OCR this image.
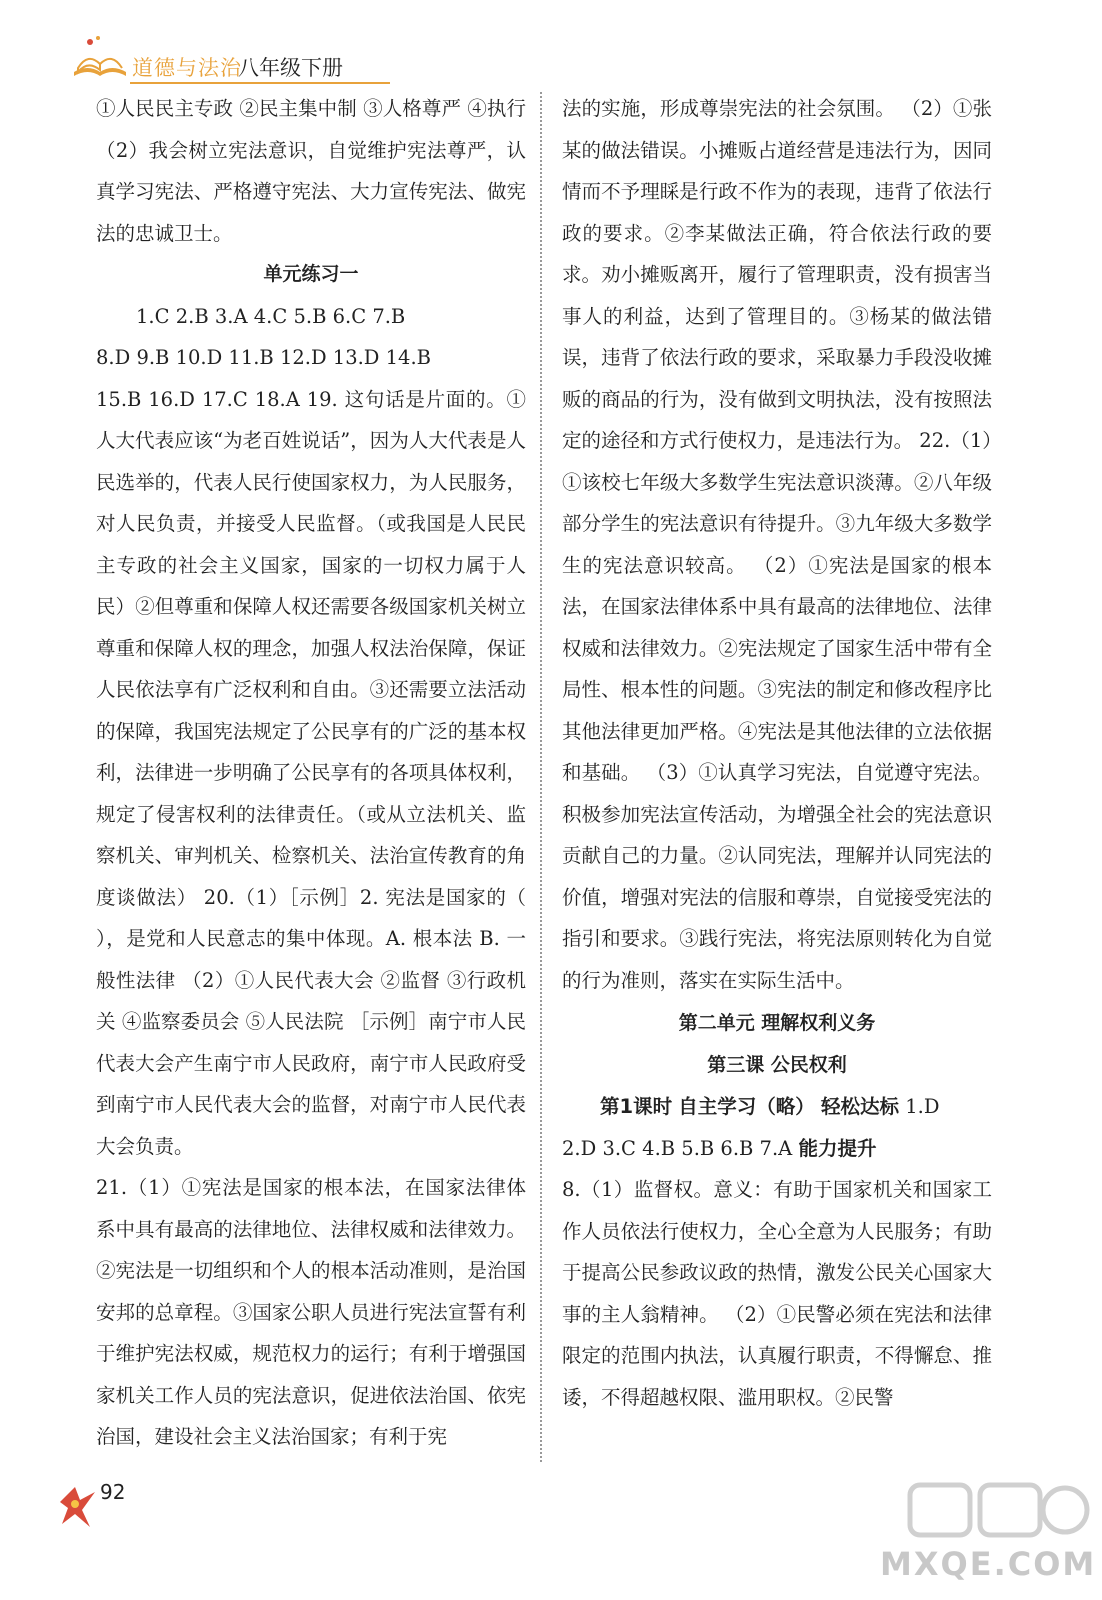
道德与法治
八年级下册

①人民民主专政 ②民主集中制 ③人格尊严 ④执行 （2）我会树立宪法意识，自觉维护宪法尊严，认真学习宪法、严格遵守宪法、大力宣传宪法、做宪法的忠诚卫士。

单元练习一

1.C 2.B 3.A 4.C 5.B 6.C 7.B

8.D 9.B 10.D 11.B 12.D 13.D 14.B

15.B 16.D 17.C 18.A 19. 这句话是片面的。①人大代表应该“为老百姓说话”，因为人大代表是人民选举的，代表人民行使国家权力，为人民服务，对人民负责，并接受人民监督。（或我国是人民民主专政的社会主义国家，国家的一切权力属于人民）②但尊重和保障人权还需要各级国家机关树立尊重和保障人权的理念，加强人权法治保障，保证人民依法享有广泛权利和自由。③还需要立法活动的保障，我国宪法规定了公民享有的广泛的基本权利，法律进一步明确了公民享有的各项具体权利，规定了侵害权利的法律责任。（或从立法机关、监察机关、审判机关、检察机关、法治宣传教育的角度谈做法） 20.（1）［示例］2. 宪法是国家的（ ），是党和人民意志的集中体现。A. 根本法 B. 一般性法律 （2）①人民代表大会 ②监督 ③行政机关 ④监察委员会 ⑤人民法院 ［示例］南宁市人民代表大会产生南宁市人民政府，南宁市人民政府受到南宁市人民代表大会的监督，对南宁市人民代表大会负责。

21.（1）①宪法是国家的根本法，在国家法律体系中具有最高的法律地位、法律权威和法律效力。②宪法是一切组织和个人的根本活动准则，是治国安邦的总章程。③国家公职人员进行宪法宣誓有利于维护宪法权威，规范权力的运行；有利于增强国家机关工作人员的宪法意识，促进依法治国、依宪治国，建设社会主义法治国家；有利于宪

法的实施，形成尊崇宪法的社会氛围。 （2）①张某的做法错误。小摊贩占道经营是违法行为，因同情而不予理睬是行政不作为的表现，违背了依法行政的要求。②李某做法正确，符合依法行政的要求。劝小摊贩离开，履行了管理职责，没有损害当事人的利益，达到了管理目的。③杨某的做法错误，违背了依法行政的要求，采取暴力手段没收摊贩的商品的行为，没有做到文明执法，没有按照法定的途径和方式行使权力，是违法行为。 22.（1）①该校七年级大多数学生宪法意识淡薄。②八年级部分学生的宪法意识有待提升。③九年级大多数学生的宪法意识较高。 （2）①宪法是国家的根本法，在国家法律体系中具有最高的法律地位、法律权威和法律效力。②宪法规定了国家生活中带有全局性、根本性的问题。③宪法的制定和修改程序比其他法律更加严格。④宪法是其他法律的立法依据和基础。 （3）①认真学习宪法，自觉遵守宪法。积极参加宪法宣传活动，为增强全社会的宪法意识贡献自己的力量。②认同宪法，理解并认同宪法的价值，增强对宪法的信服和尊崇，自觉接受宪法的指引和要求。③践行宪法，将宪法原则转化为自觉的行为准则，落实在实际生活中。

第二单元 理解权利义务

第三课 公民权利

第1课时 自主学习（略） 轻松达标 1.D

2.D 3.C 4.B 5.B 6.B 7.A 能力提升

8.（1）监督权。意义：有助于国家机关和国家工作人员依法行使权力，全心全意为人民服务；有助于提高公民参政议政的热情，激发公民关心国家大事的主人翁精神。 （2）①民警必须在宪法和法律限定的范围内执法，认真履行职责，不得懈怠、推诿，不得超越权限、滥用职权。②民警

92
MXQE.COM
